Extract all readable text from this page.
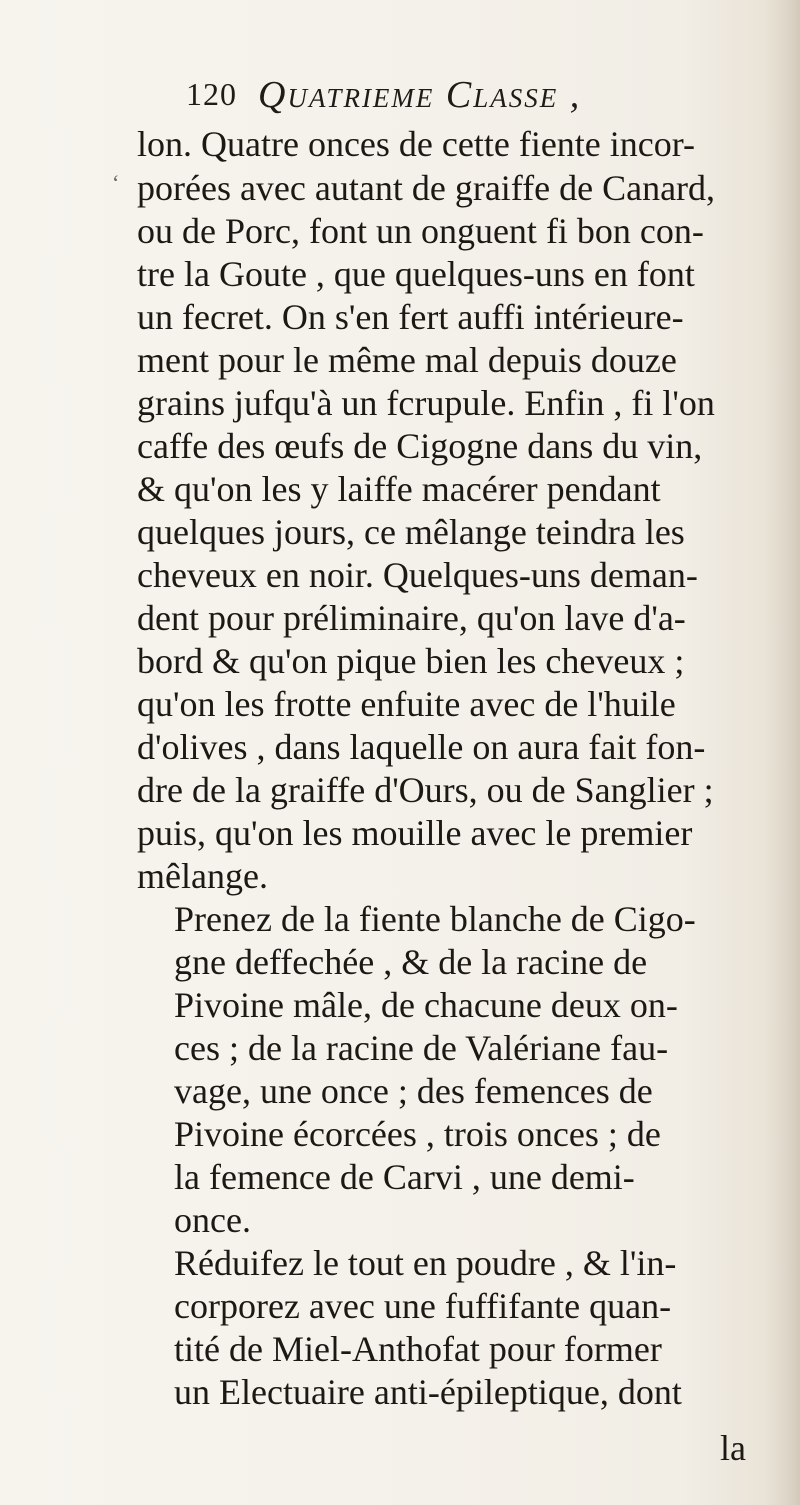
120 Quatrieme Classe ,
ʻ
lon. Quatre onces de cette fiente incor-
porées avec autant de graiffe de Canard,
ou de Porc, font un onguent fi bon con-
tre la Goute , que quelques-uns en font
un fecret. On s'en fert auffi intérieure-
ment pour le même mal depuis douze
grains jufqu'à un fcrupule. Enfin , fi l'on
caffe des œufs de Cigogne dans du vin,
& qu'on les y laiffe macérer pendant
quelques jours, ce mêlange teindra les
cheveux en noir. Quelques-uns deman-
dent pour préliminaire, qu'on lave d'a-
bord & qu'on pique bien les cheveux ;
qu'on les frotte enfuite avec de l'huile
d'olives , dans laquelle on aura fait fon-
dre de la graiffe d'Ours, ou de Sanglier ;
puis, qu'on les mouille avec le premier
mêlange.
Prenez de la fiente blanche de Cigo-
gne deffechée , & de la racine de
Pivoine mâle, de chacune deux on-
ces ; de la racine de Valériane fau-
vage, une once ; des femences de
Pivoine écorcées , trois onces ; de
la femence de Carvi , une demi-
once.
Réduifez le tout en poudre , & l'in-
corporez avec une fuffifante quan-
tité de Miel-Anthofat pour former
un Electuaire anti-épileptique, dont
la
